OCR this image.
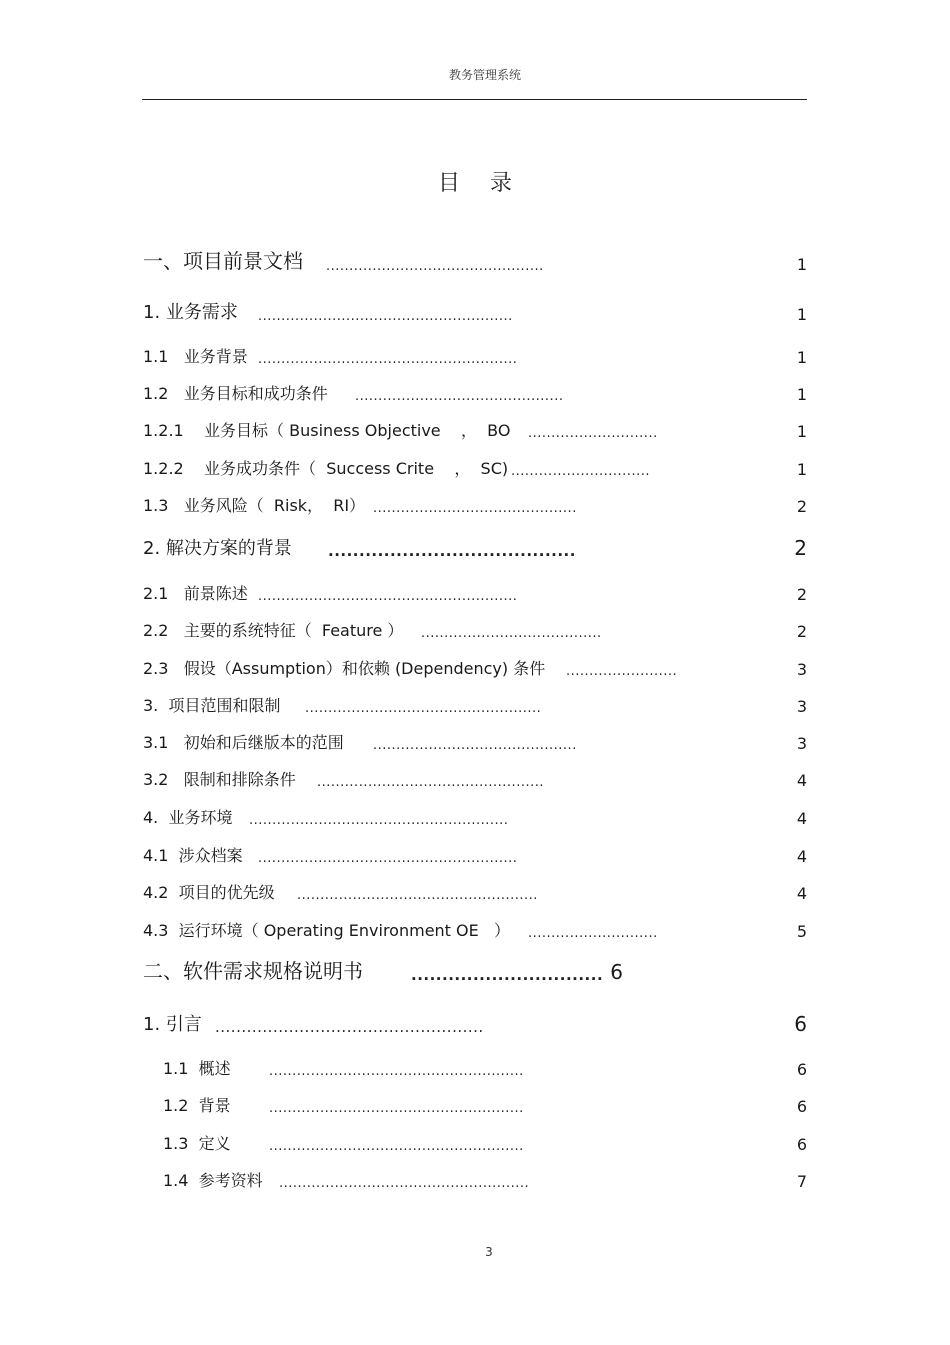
教务管理系统
目录
一、项目前景文档 ...............................................	1
1. 业务需求 .......................................................	1
1.1   业务背景 ........................................................	1
1.2   业务目标和成功条件 .............................................	1
1.2.1    业务目标（ Business Objective    ，  BO ............................	1
1.2.2    业务成功条件（  Success Crite    ，  SC) ..............................	1
1.3   业务风险（  Risk，  RI） ............................................	2
2. 解决方案的背景 ........................................	2
2.1   前景陈述 ........................................................	2
2.2   主要的系统特征（  Feature ） .......................................	2
2.3   假设（Assumption）和依赖 (Dependency) 条件 ........................	3
3.  项目范围和限制 ...................................................	3
3.1   初始和后继版本的范围 ............................................	3
3.2   限制和排除条件 .................................................	4
4.  业务环境 ........................................................	4
4.1  涉众档案 ........................................................	4
4.2  项目的优先级 ....................................................	4
4.3  运行环境（ Operating Environment OE   ） ............................	5
二、软件需求规格说明书	............................... 6
1. 引言 ...................................................	6
1.1  概述	.......................................................	6
1.2  背景	.......................................................	6
1.3  定义	.......................................................	6
1.4  参考资料 ......................................................	7
3
